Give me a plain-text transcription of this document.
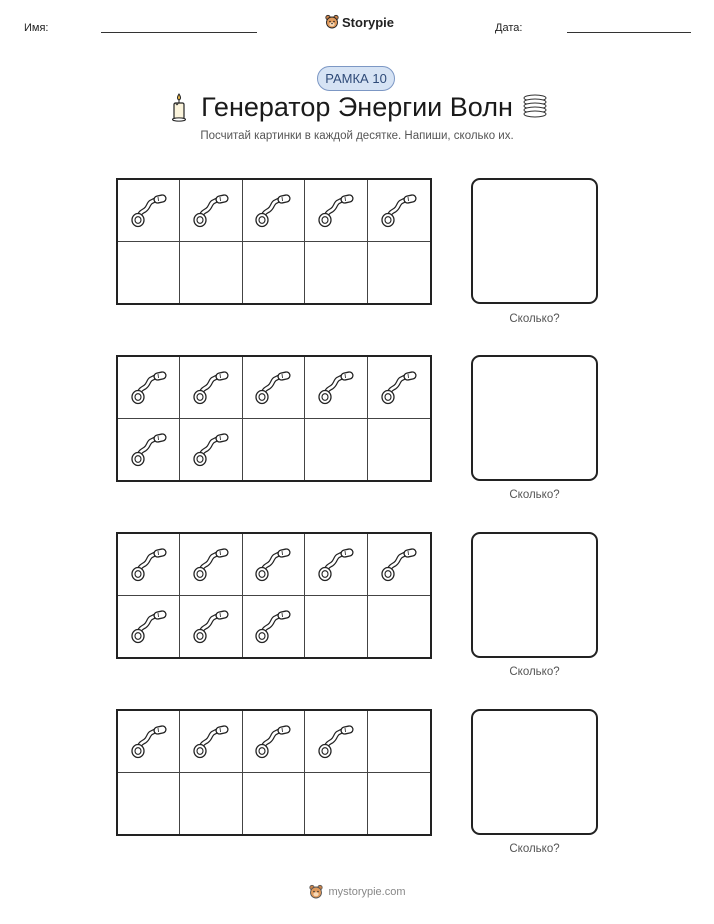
Имя:	Storypie	Дата:
РАМКА 10
Генератор Энергии Волн
Посчитай картинки в каждой десятке. Напиши, сколько их.
Сколько?
Сколько?
Сколько?
Сколько?
mystorypie.com
